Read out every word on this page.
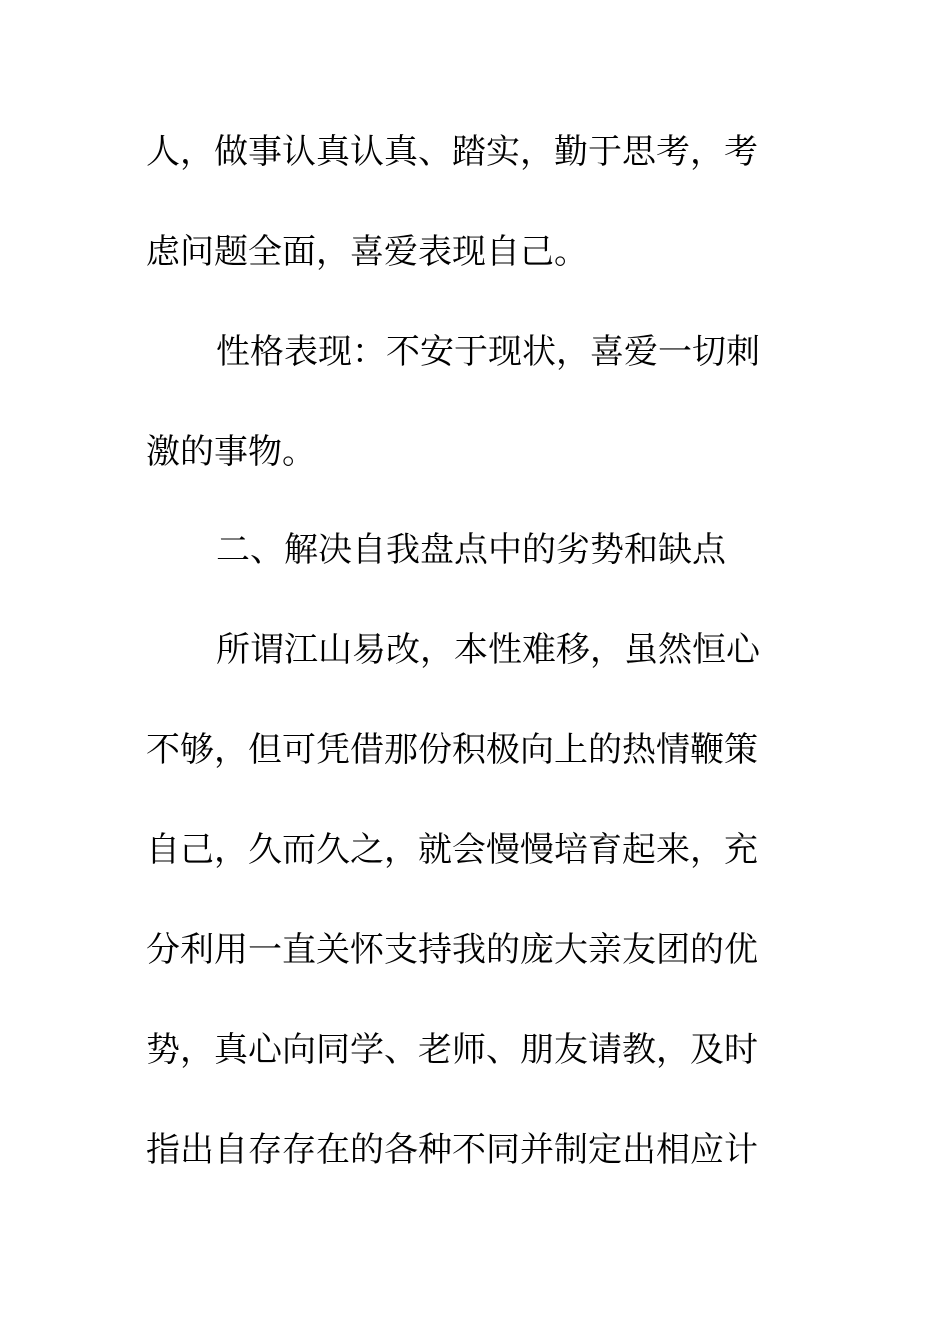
人，做事认真认真、踏实，勤于思考，考
虑问题全面，喜爱表现自己。
性格表现：不安于现状，喜爱一切刺
激的事物。
二、解决自我盘点中的劣势和缺点
所谓江山易改，本性难移，虽然恒心
不够，但可凭借那份积极向上的热情鞭策
自己，久而久之，就会慢慢培育起来，充
分利用一直关怀支持我的庞大亲友团的优
势，真心向同学、老师、朋友请教，及时
指出自存存在的各种不同并制定出相应计
